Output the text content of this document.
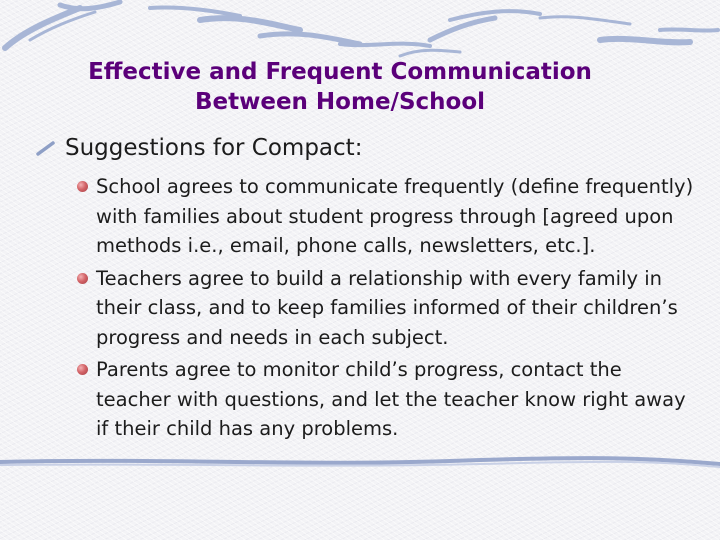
Effective and Frequent Communication
Between Home/School
Suggestions for Compact:
School agrees to communicate frequently (define frequently) with families about student progress through [agreed upon methods i.e., email, phone calls, newsletters, etc.].
Teachers agree to build a relationship with every family in their class, and to keep families informed of their children’s progress and needs in each subject.
Parents agree to monitor child’s progress, contact the teacher with questions, and let the teacher know right away if their child has any problems.
